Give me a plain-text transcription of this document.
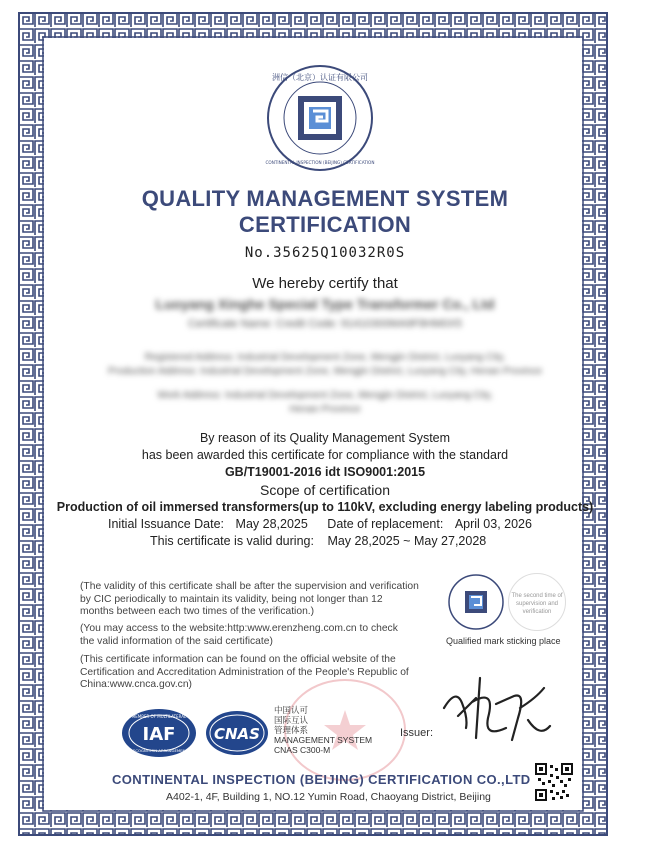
洲信（北京）认证有限公司
CONTINENTAL INSPECTION (BEIJING) CERTIFICATION
QUALITY MANAGEMENT SYSTEM
CERTIFICATION
No.35625Q10032R0S
We hereby certify that
Luoyang Xinghe Special Type Transformer Co., Ltd
Certificate Name: Credit Code: 91410300MA9F8HM0X5
Registered Address: Industrial Development Zone, Mengjin District, Luoyang City,
Production Address: Industrial Development Zone, Mengjin District, Luoyang City, Henan Province
Work Address: Industrial Development Zone, Mengjin District, Luoyang City,
Henan Province
By reason of its Quality Management System
has been awarded this certificate for compliance with the standard
GB/T19001-2016 idt ISO9001:2015
Scope of certification
Production of oil immersed transformers(up to 110kV, excluding energy labeling products)
Initial Issuance Date: May 28,2025 Date of replacement: April 03, 2026
This certificate is valid during: May 28,2025 ~ May 27,2028
(The validity of this certificate shall be after the supervision and verification
by CIC periodically to maintain its validity, being not longer than 12
months between each two times of the verification.)
(You may access to the website:http:www.erenzheng.com.cn to check
the valid information of the said certificate)
(This certificate information can be found on the official website of the
Certification and Accreditation Administration of the People's Republic of
China:www.cnca.gov.cn)
The second time of supervision and verification
Qualified mark sticking place
IAF
MEMBER OF MULTILATERAL
RECOGNITION ARRANGEMENT
CNAS
中国认可
国际互认
管理体系
MANAGEMENT SYSTEM
CNAS C300-M
Issuer:
CONTINENTAL INSPECTION (BEIJING) CERTIFICATION CO.,LTD
A402-1, 4F, Building 1, NO.12 Yumin Road, Chaoyang District, Beijing
